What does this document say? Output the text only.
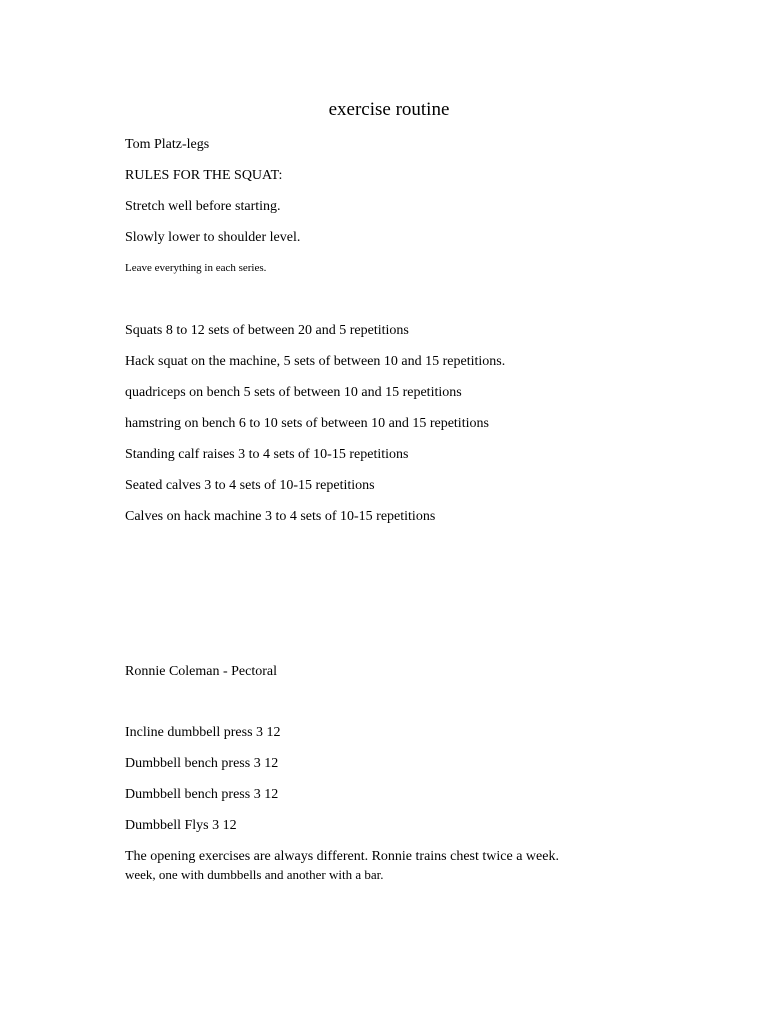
exercise routine
Tom Platz-legs
RULES FOR THE SQUAT:
Stretch well before starting.
Slowly lower to shoulder level.
Leave everything in each series.
Squats 8 to 12 sets of between 20 and 5 repetitions
Hack squat on the machine, 5 sets of between 10 and 15 repetitions.
quadriceps on bench 5 sets of between 10 and 15 repetitions
hamstring on bench 6 to 10 sets of between 10 and 15 repetitions
Standing calf raises 3 to 4 sets of 10-15 repetitions
Seated calves 3 to 4 sets of 10-15 repetitions
Calves on hack machine 3 to 4 sets of 10-15 repetitions
Ronnie Coleman - Pectoral
Incline dumbbell press 3 12
Dumbbell bench press 3 12
Dumbbell bench press 3 12
Dumbbell Flys 3 12
The opening exercises are always different. Ronnie trains chest twice a week.
week, one with dumbbells and another with a bar.
